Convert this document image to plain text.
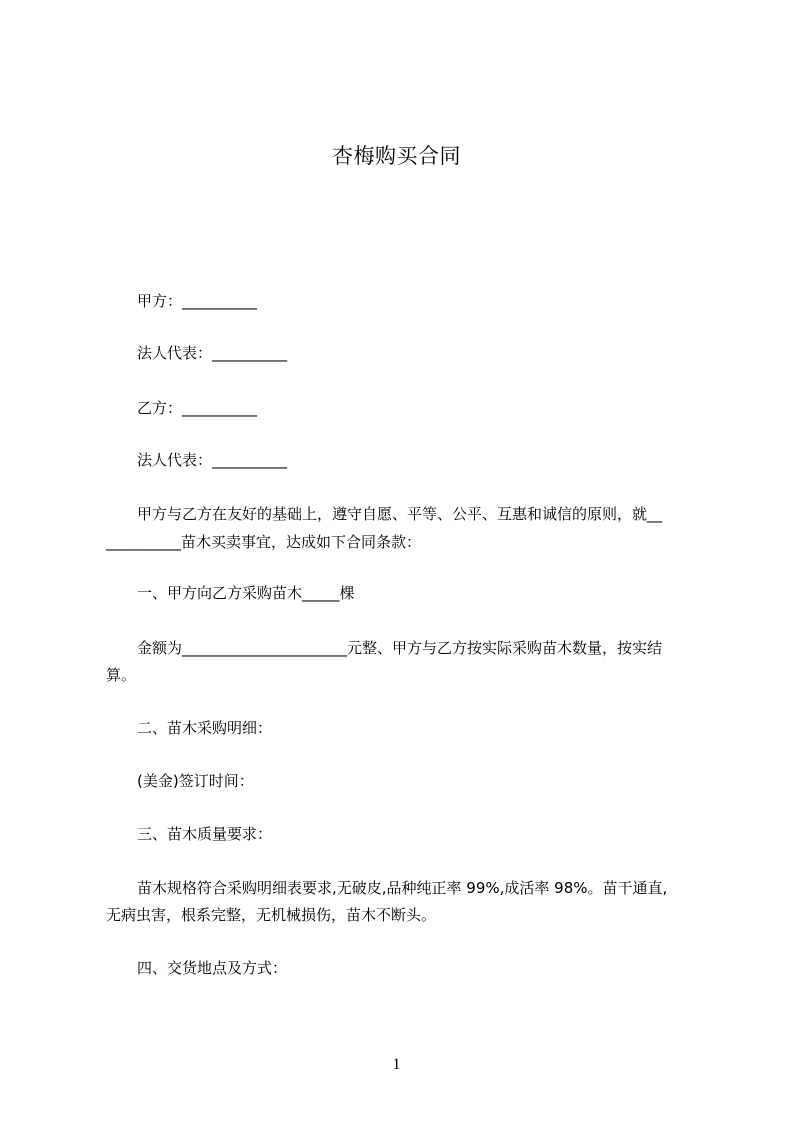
杏梅购买合同
甲方：__________
法人代表：__________
乙方：__________
法人代表：__________
甲方与乙方在友好的基础上，遵守自愿、平等、公平、互惠和诚信的原则，就__
__________苗木买卖事宜，达成如下合同条款：
一、甲方向乙方采购苗木_____棵
金额为______________________元整、甲方与乙方按实际采购苗木数量，按实结
算。
二、苗木采购明细：
(美金)签订时间：
三、苗木质量要求：
苗木规格符合采购明细表要求,无破皮,品种纯正率 99%,成活率 98%。苗干通直,
无病虫害，根系完整，无机械损伤，苗木不断头。
四、交货地点及方式：
1
